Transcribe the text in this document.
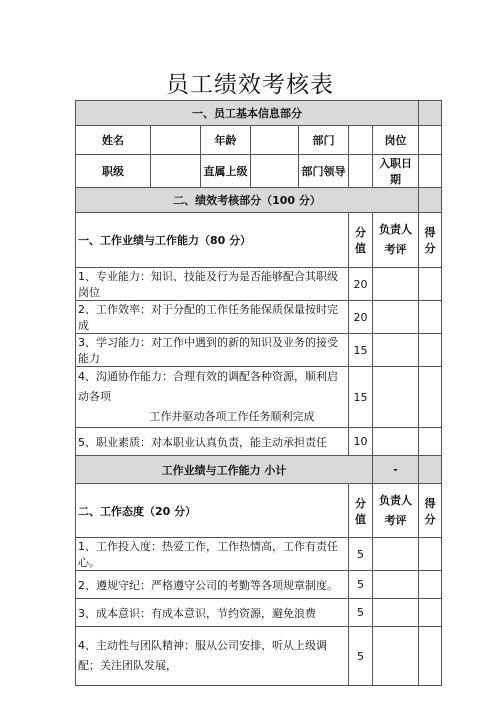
员工绩效考核表
一、员工基本信息部分							
姓名		年龄		部门		岗位	
职级		直属上级		部门领导		入职日期	
二、绩效考核部分（100 分）							
一、工作业绩与工作能力（80 分）					分值	负责人考评	得分
1、专业能力：知识、技能及行为是否能够配合其职级岗位					20		
2、工作效率：对于分配的工作任务能保质保量按时完成					20		
3、学习能力：对工作中遇到的新的知识及业务的接受能力					15		

4、沟通协作能力：合理有效的调配各种资源，顺利启动各项
工作并驱动各项工作任务顺利完成					15		
5、职业素质：对本职业认真负责，能主动承担责任					10		
工作业绩与工作能力 小计						-	
二、工作态度（20 分）					分值	负责人考评	得分
1、工作投入度：热爱工作，工作热情高，工作有责任心。					5		
2、遵规守纪：严格遵守公司的考勤等各项规章制度。					5		
3、成本意识：有成本意识，节约资源，避免浪费					5		
4、主动性与团队精神：服从公司安排、听从上级调配；关注团队发展，					5		
